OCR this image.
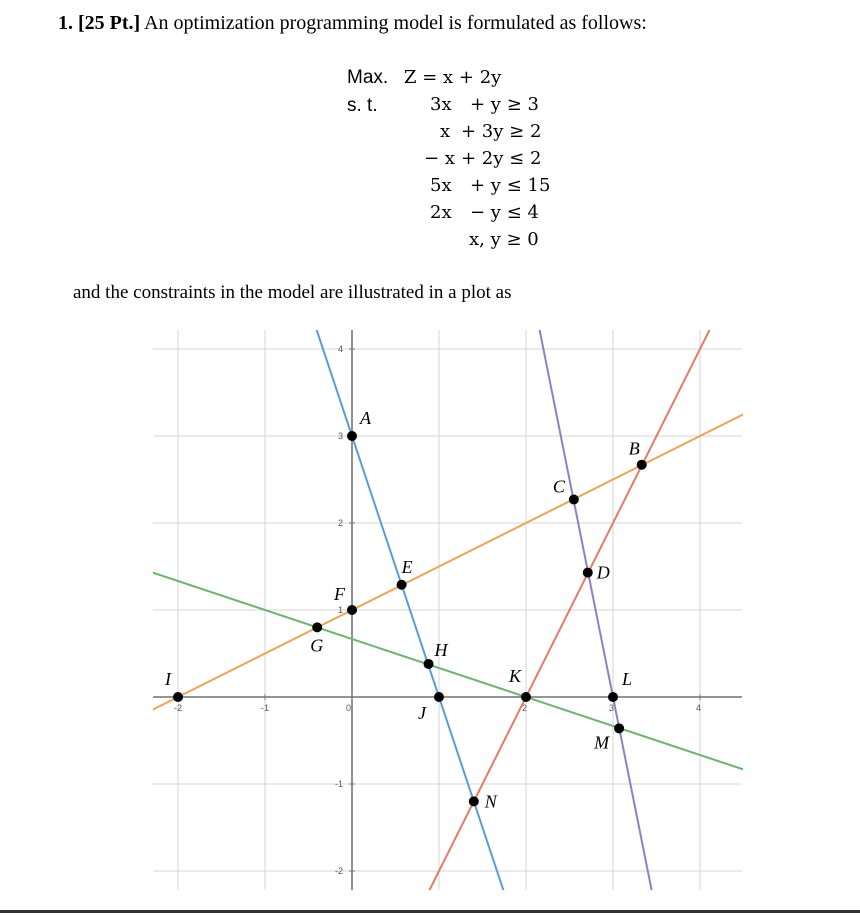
1. [25 Pt.] An optimization programming model is formulated as follows:
Max. Z = x + 2y
s. t.	3x + y ≥ 3
x + 3y ≥ 2
− x + 2y ≤ 2
5x + y ≤ 15
2x − y ≤ 4
x, y ≥ 0
and the constraints in the model are illustrated in a plot as
-2	-1	0	2	3	4
-2
-1
1
2
3
4
A
B
C
D
E
F
G	H
I
J
K	L
M
N
